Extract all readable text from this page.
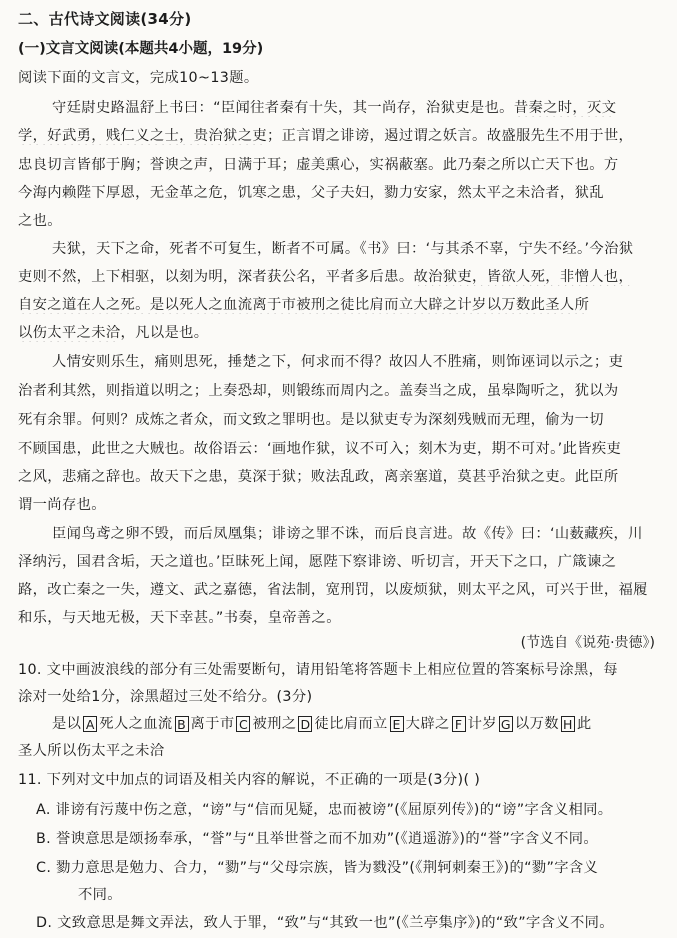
二、古代诗文阅读(34分)
(一)文言文阅读(本题共4小题，19分)
阅读下面的文言文，完成10~13题。
守廷尉史路温舒上书曰：“臣闻往者秦有十失，其一尚存，治狱吏是也。昔秦之时，灭文
学，好武勇，贱仁义之士，贵治狱之吏；正言谓之诽谤，遏过谓之妖言。故盛服先生不用于世，
忠良切言皆郁于胸；誉谀之声，日满于耳；虚美熏心，实祸蔽塞。此乃秦之所以亡天下也。方
今海内赖陛下厚恩，无金革之危，饥寒之患，父子夫妇，勠力安家，然太平之未洽者，狱乱
之也。
夫狱，天下之命，死者不可复生，断者不可属。《书》曰：‘与其杀不辜，宁失不经。’今治狱
吏则不然，上下相驱，以刻为明，深者获公名，平者多后患。故治狱吏，皆欲人死，非憎人也，
自安之道在人之死。是以死人之血流离于市被刑之徒比肩而立大辟之计岁以万数此圣人所
以伤太平之未洽，凡以是也。
人情安则乐生，痛则思死，捶楚之下，何求而不得？故囚人不胜痛，则饰诬词以示之；吏
治者利其然，则指道以明之；上奏恐却，则锻练而周内之。盖奏当之成，虽皋陶听之，犹以为
死有余罪。何则？成炼之者众，而文致之罪明也。是以狱吏专为深刻残贼而无理，偷为一切
不顾国患，此世之大贼也。故俗语云：‘画地作狱，议不可入；刻木为吏，期不可对。’此皆疾吏
之风，悲痛之辞也。故天下之患，莫深于狱；败法乱政，离亲塞道，莫甚乎治狱之吏。此臣所
谓一尚存也。
臣闻鸟鸢之卵不毁，而后凤凰集；诽谤之罪不诛，而后良言进。故《传》曰：‘山薮藏疾，川
泽纳污，国君含垢，天之道也。’臣昧死上闻，愿陛下察诽谤、听切言，开天下之口，广箴谏之
路，改亡秦之一失，遵文、武之嘉德，省法制，宽刑罚，以废烦狱，则太平之风，可兴于世，福履
和乐，与天地无极，天下幸甚。”书奏，皇帝善之。
(节选自《说苑·贵德》)
10. 文中画波浪线的部分有三处需要断句，请用铅笔将答题卡上相应位置的答案标号涂黑，每
涂对一处给1分，涂黑超过三处不给分。(3分)
是以 A 死人之血流 B 离于市 C 被刑之 D 徒比肩而立 E 大辟之 F 计岁 G 以万数 H 此
圣人所以伤太平之未洽
11. 下列对文中加点的词语及相关内容的解说，不正确的一项是(3分)( )
A. 诽谤有污蔑中伤之意，“谤”与“信而见疑，忠而被谤”(《屈原列传》)的“谤”字含义相同。
B. 誉谀意思是颂扬奉承，“誉”与“且举世誉之而不加劝”(《逍遥游》)的“誉”字含义不同。
C. 勠力意思是勉力、合力，“勠”与“父母宗族，皆为戮没”(《荆轲刺秦王》)的“勠”字含义
不同。
D. 文致意思是舞文弄法，致人于罪，“致”与“其致一也”(《兰亭集序》)的“致”字含义不同。
